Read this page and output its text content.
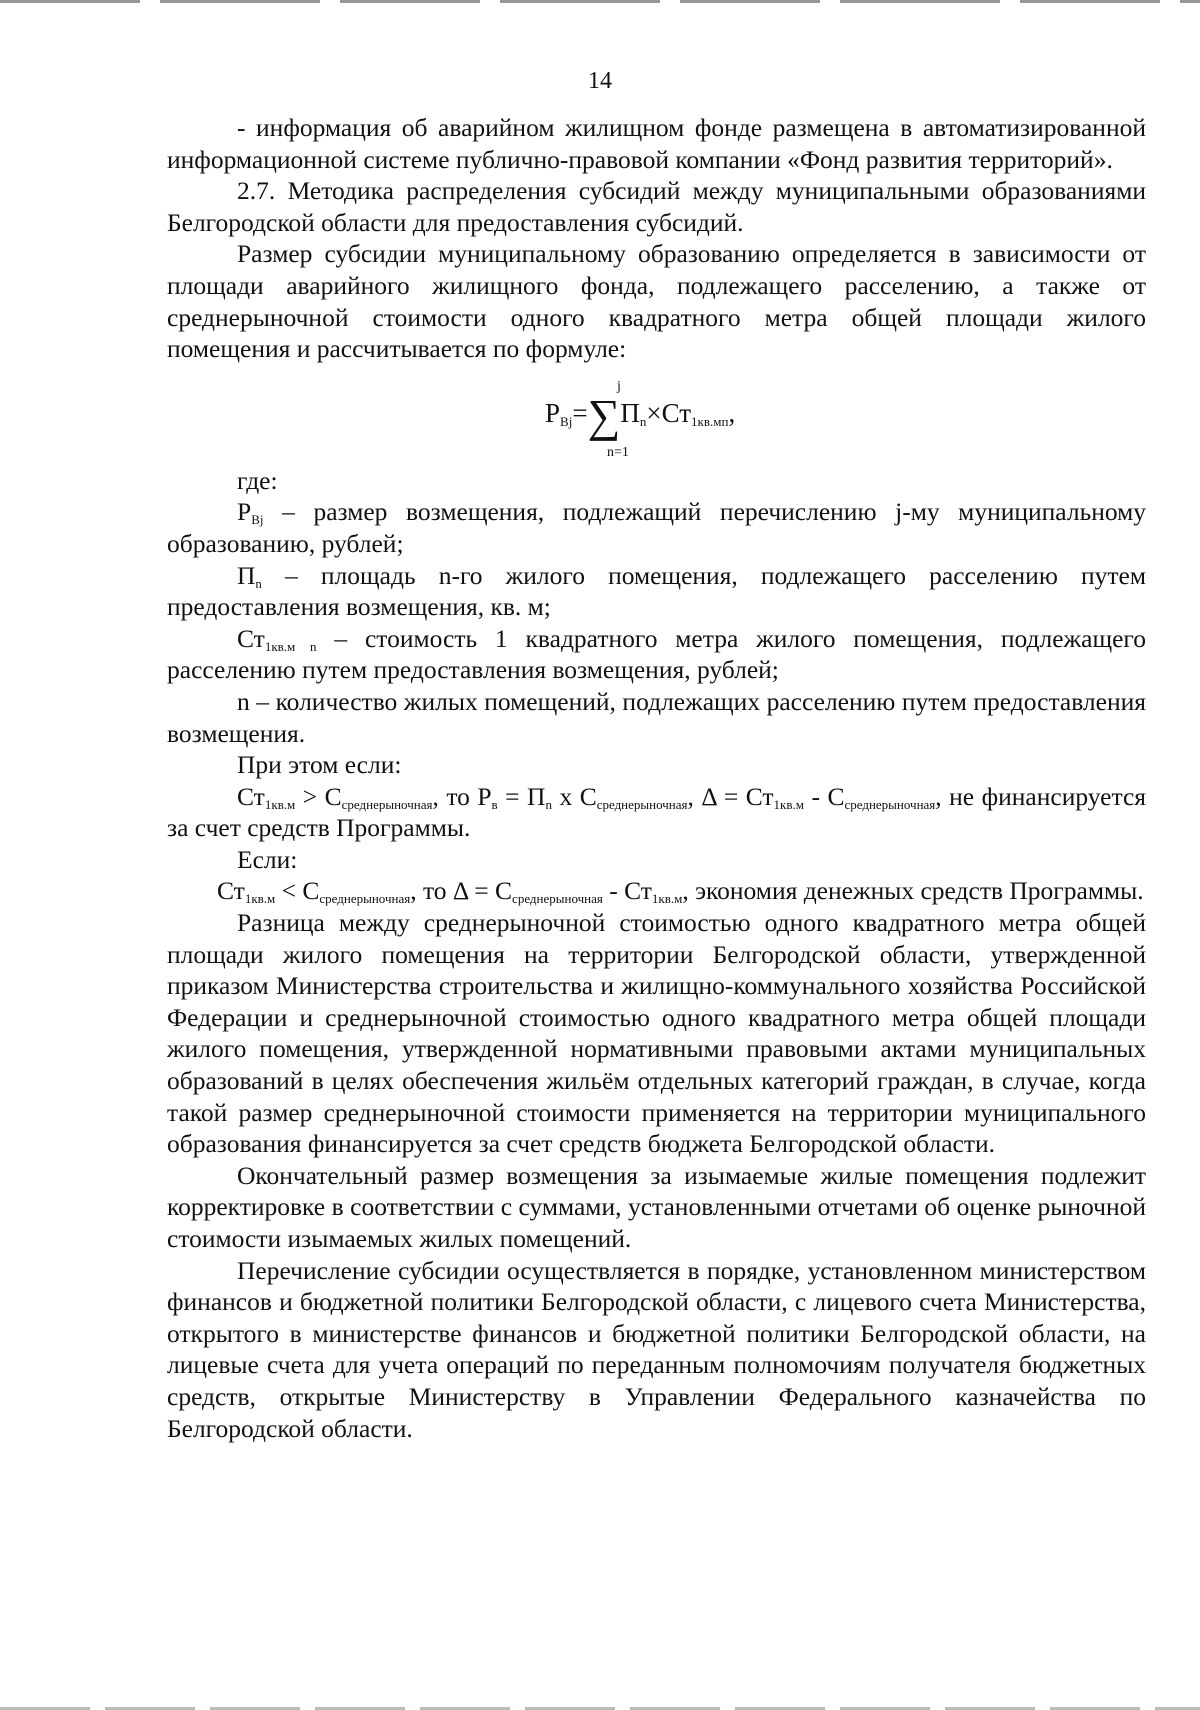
14

- информация об аварийном жилищном фонде размещена в автоматизированной информационной системе публично-правовой компании «Фонд развития территорий».

2.7. Методика распределения субсидий между муниципальными образованиями Белгородской области для предоставления субсидий.

Размер субсидии муниципальному образованию определяется в зависимости от площади аварийного жилищного фонда, подлежащего расселению, а также от среднерыночной стоимости одного квадратного метра общей площади жилого помещения и рассчитывается по формуле:

j
$P_{Bj}=\sum П_n\times Ст_{1кв.мп}$,
n=1

где:

$P_{Bj}$ – размер возмещения, подлежащий перечислению j-му муниципальному образованию, рублей;

$П_n$ – площадь n-го жилого помещения, подлежащего расселению путем предоставления возмещения, кв. м;

$Ст_{1кв.м n}$ – стоимость 1 квадратного метра жилого помещения, подлежащего расселению путем предоставления возмещения, рублей;

n – количество жилых помещений, подлежащих расселению путем предоставления возмещения.

При этом если:

$Ст_{1кв.м} > С_{среднерыночная}$, то $Р_в = П_n$ х $С_{среднерыночная}$, $\Delta = Ст_{1кв.м} - С_{среднерыночная}$, не финансируется за счет средств Программы.

Если:

$Ст_{1кв.м} < С_{среднерыночная}$, то $\Delta = С_{среднерыночная} - Ст_{1кв.м}$, экономия денежных средств Программы.

Разница между среднерыночной стоимостью одного квадратного метра общей площади жилого помещения на территории Белгородской области, утвержденной приказом Министерства строительства и жилищно-коммунального хозяйства Российской Федерации и среднерыночной стоимостью одного квадратного метра общей площади жилого помещения, утвержденной нормативными правовыми актами муниципальных образований в целях обеспечения жильём отдельных категорий граждан, в случае, когда такой размер среднерыночной стоимости применяется на территории муниципального образования финансируется за счет средств бюджета Белгородской области.

Окончательный размер возмещения за изымаемые жилые помещения подлежит корректировке в соответствии с суммами, установленными отчетами об оценке рыночной стоимости изымаемых жилых помещений.

Перечисление субсидии осуществляется в порядке, установленном министерством финансов и бюджетной политики Белгородской области, с лицевого счета Министерства, открытого в министерстве финансов и бюджетной политики Белгородской области, на лицевые счета для учета операций по переданным полномочиям получателя бюджетных средств, открытые Министерству в Управлении Федерального казначейства по Белгородской области.
